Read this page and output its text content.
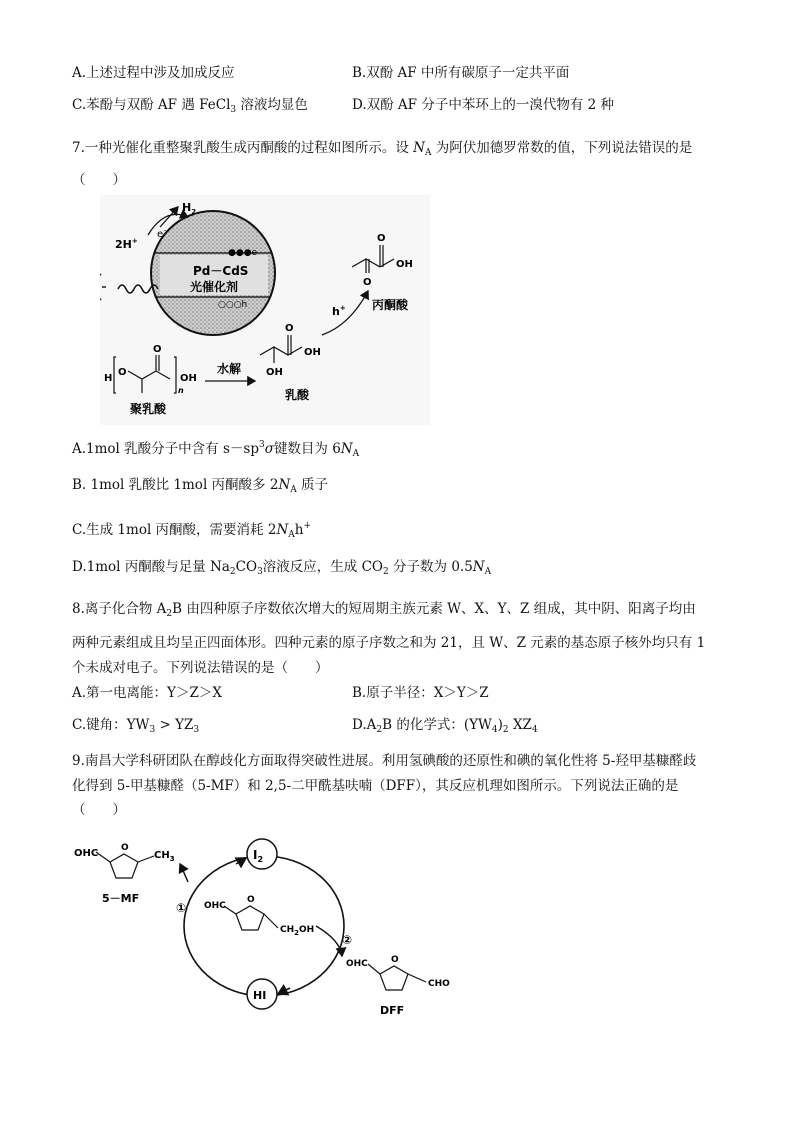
A.上述过程中涉及加成反应	B.双酚 AF 中所有碳原子一定共平面
C.苯酚与双酚 AF 遇 FeCl$_3$ 溶液均显色	D.双酚 AF 分子中苯环上的一溴代物有 2 种
7.一种光催化重整聚乳酸生成丙酮酸的过程如图所示。设 $N_A$ 为阿伏加德罗常数的值，下列说法错误的是
（　　）
●●●e
Pd－CdS
光催化剂
○○○h
$H_2$
2H+
e−
H
O
O
OH
n
聚乳酸
水解
O
OH
OH
乳酸
h+
O
O
OH
丙酮酸
A.1mol 乳酸分子中含有 $s-sp^3\sigma$键数目为 $6N_A$
B. 1mol 乳酸比 1mol 丙酮酸多 $2N_A$ 质子
C.生成 1mol 丙酮酸，需要消耗 $2N_Ah^+$
D.1mol 丙酮酸与足量 $Na_2CO_3$溶液反应，生成 $CO_2$ 分子数为 $0.5N_A$
8.离子化合物 $A_2B$ 由四种原子序数依次增大的短周期主族元素 W、X、Y、Z 组成，其中阴、阳离子均由
两种元素组成且均呈正四面体形。四种元素的原子序数之和为 21，且 W、Z 元素的基态原子核外均只有 1
个未成对电子。下列说法错误的是（　　）
A.第一电离能：Y＞Z＞X	B.原子半径：X＞Y＞Z
C.键角：$YW_3 > YZ_3$	$D.A_2B$ 的化学式：$(YW_4)_2$ $XZ_4$
9.南昌大学科研团队在醇歧化方面取得突破性进展。利用氢碘酸的还原性和碘的氧化性将 5-羟甲基糠醛歧
化得到 5-甲基糠醛（5-MF）和 2,5-二甲酰基呋喃（DFF），其反应机理如图所示。下列说法正确的是
（　　）
$I_2$
HI
OHC	O
$CH_3$
5－MF
① OHC
O
$CH_2OH$
②
OHC	O
CHO
DFF
